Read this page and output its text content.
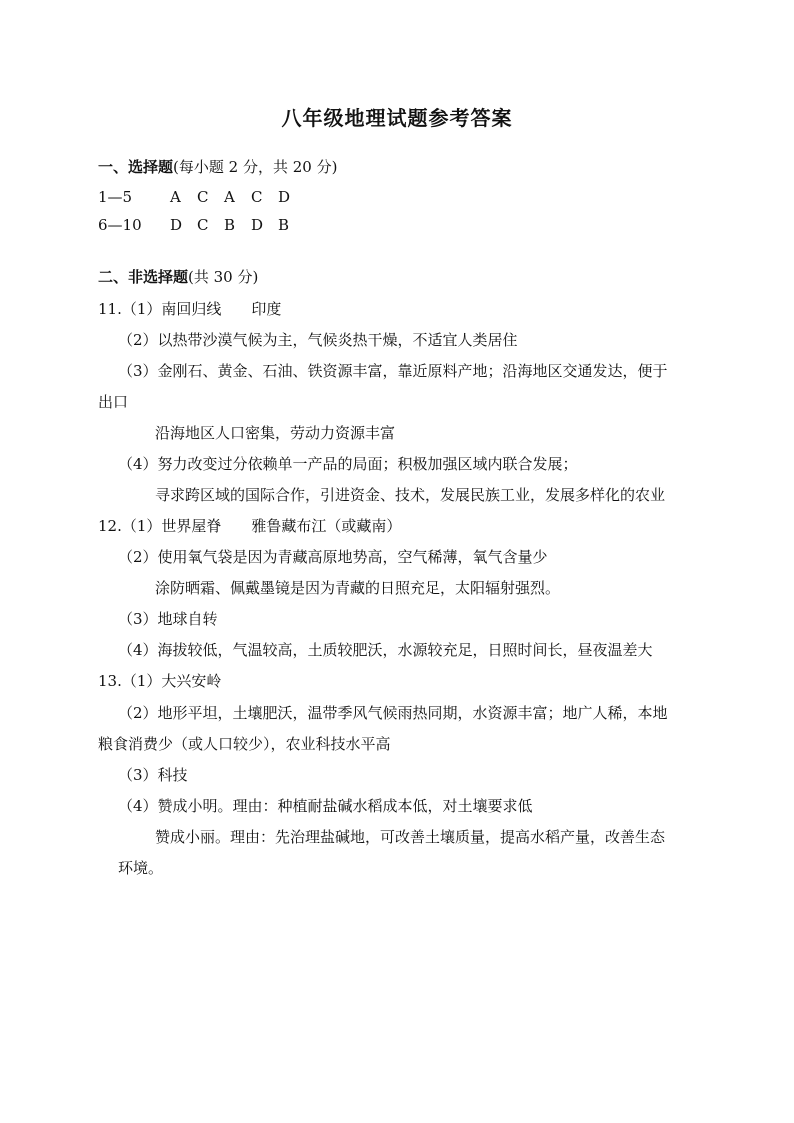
八年级地理试题参考答案
一、选择题(每小题 2 分，共 20 分)
1—5	A C A C D
6—10 D C B D B
二、非选择题(共 30 分)
11.（1）南回归线 印度
（2）以热带沙漠气候为主，气候炎热干燥，不适宜人类居住
（3）金刚石、黄金、石油、铁资源丰富，靠近原料产地；沿海地区交通发达，便于
出口
沿海地区人口密集，劳动力资源丰富
（4）努力改变过分依赖单一产品的局面；积极加强区域内联合发展；
寻求跨区域的国际合作，引进资金、技术，发展民族工业，发展多样化的农业
12.（1）世界屋脊 雅鲁藏布江（或藏南）
（2）使用氧气袋是因为青藏高原地势高，空气稀薄，氧气含量少
涂防晒霜、佩戴墨镜是因为青藏的日照充足，太阳辐射强烈。
（3）地球自转
（4）海拔较低，气温较高，土质较肥沃，水源较充足，日照时间长，昼夜温差大
13.（1）大兴安岭
（2）地形平坦，土壤肥沃，温带季风气候雨热同期，水资源丰富；地广人稀，本地
粮食消费少（或人口较少），农业科技水平高
（3）科技
（4）赞成小明。理由：种植耐盐碱水稻成本低，对土壤要求低
赞成小丽。理由：先治理盐碱地，可改善土壤质量，提高水稻产量，改善生态
环境。
